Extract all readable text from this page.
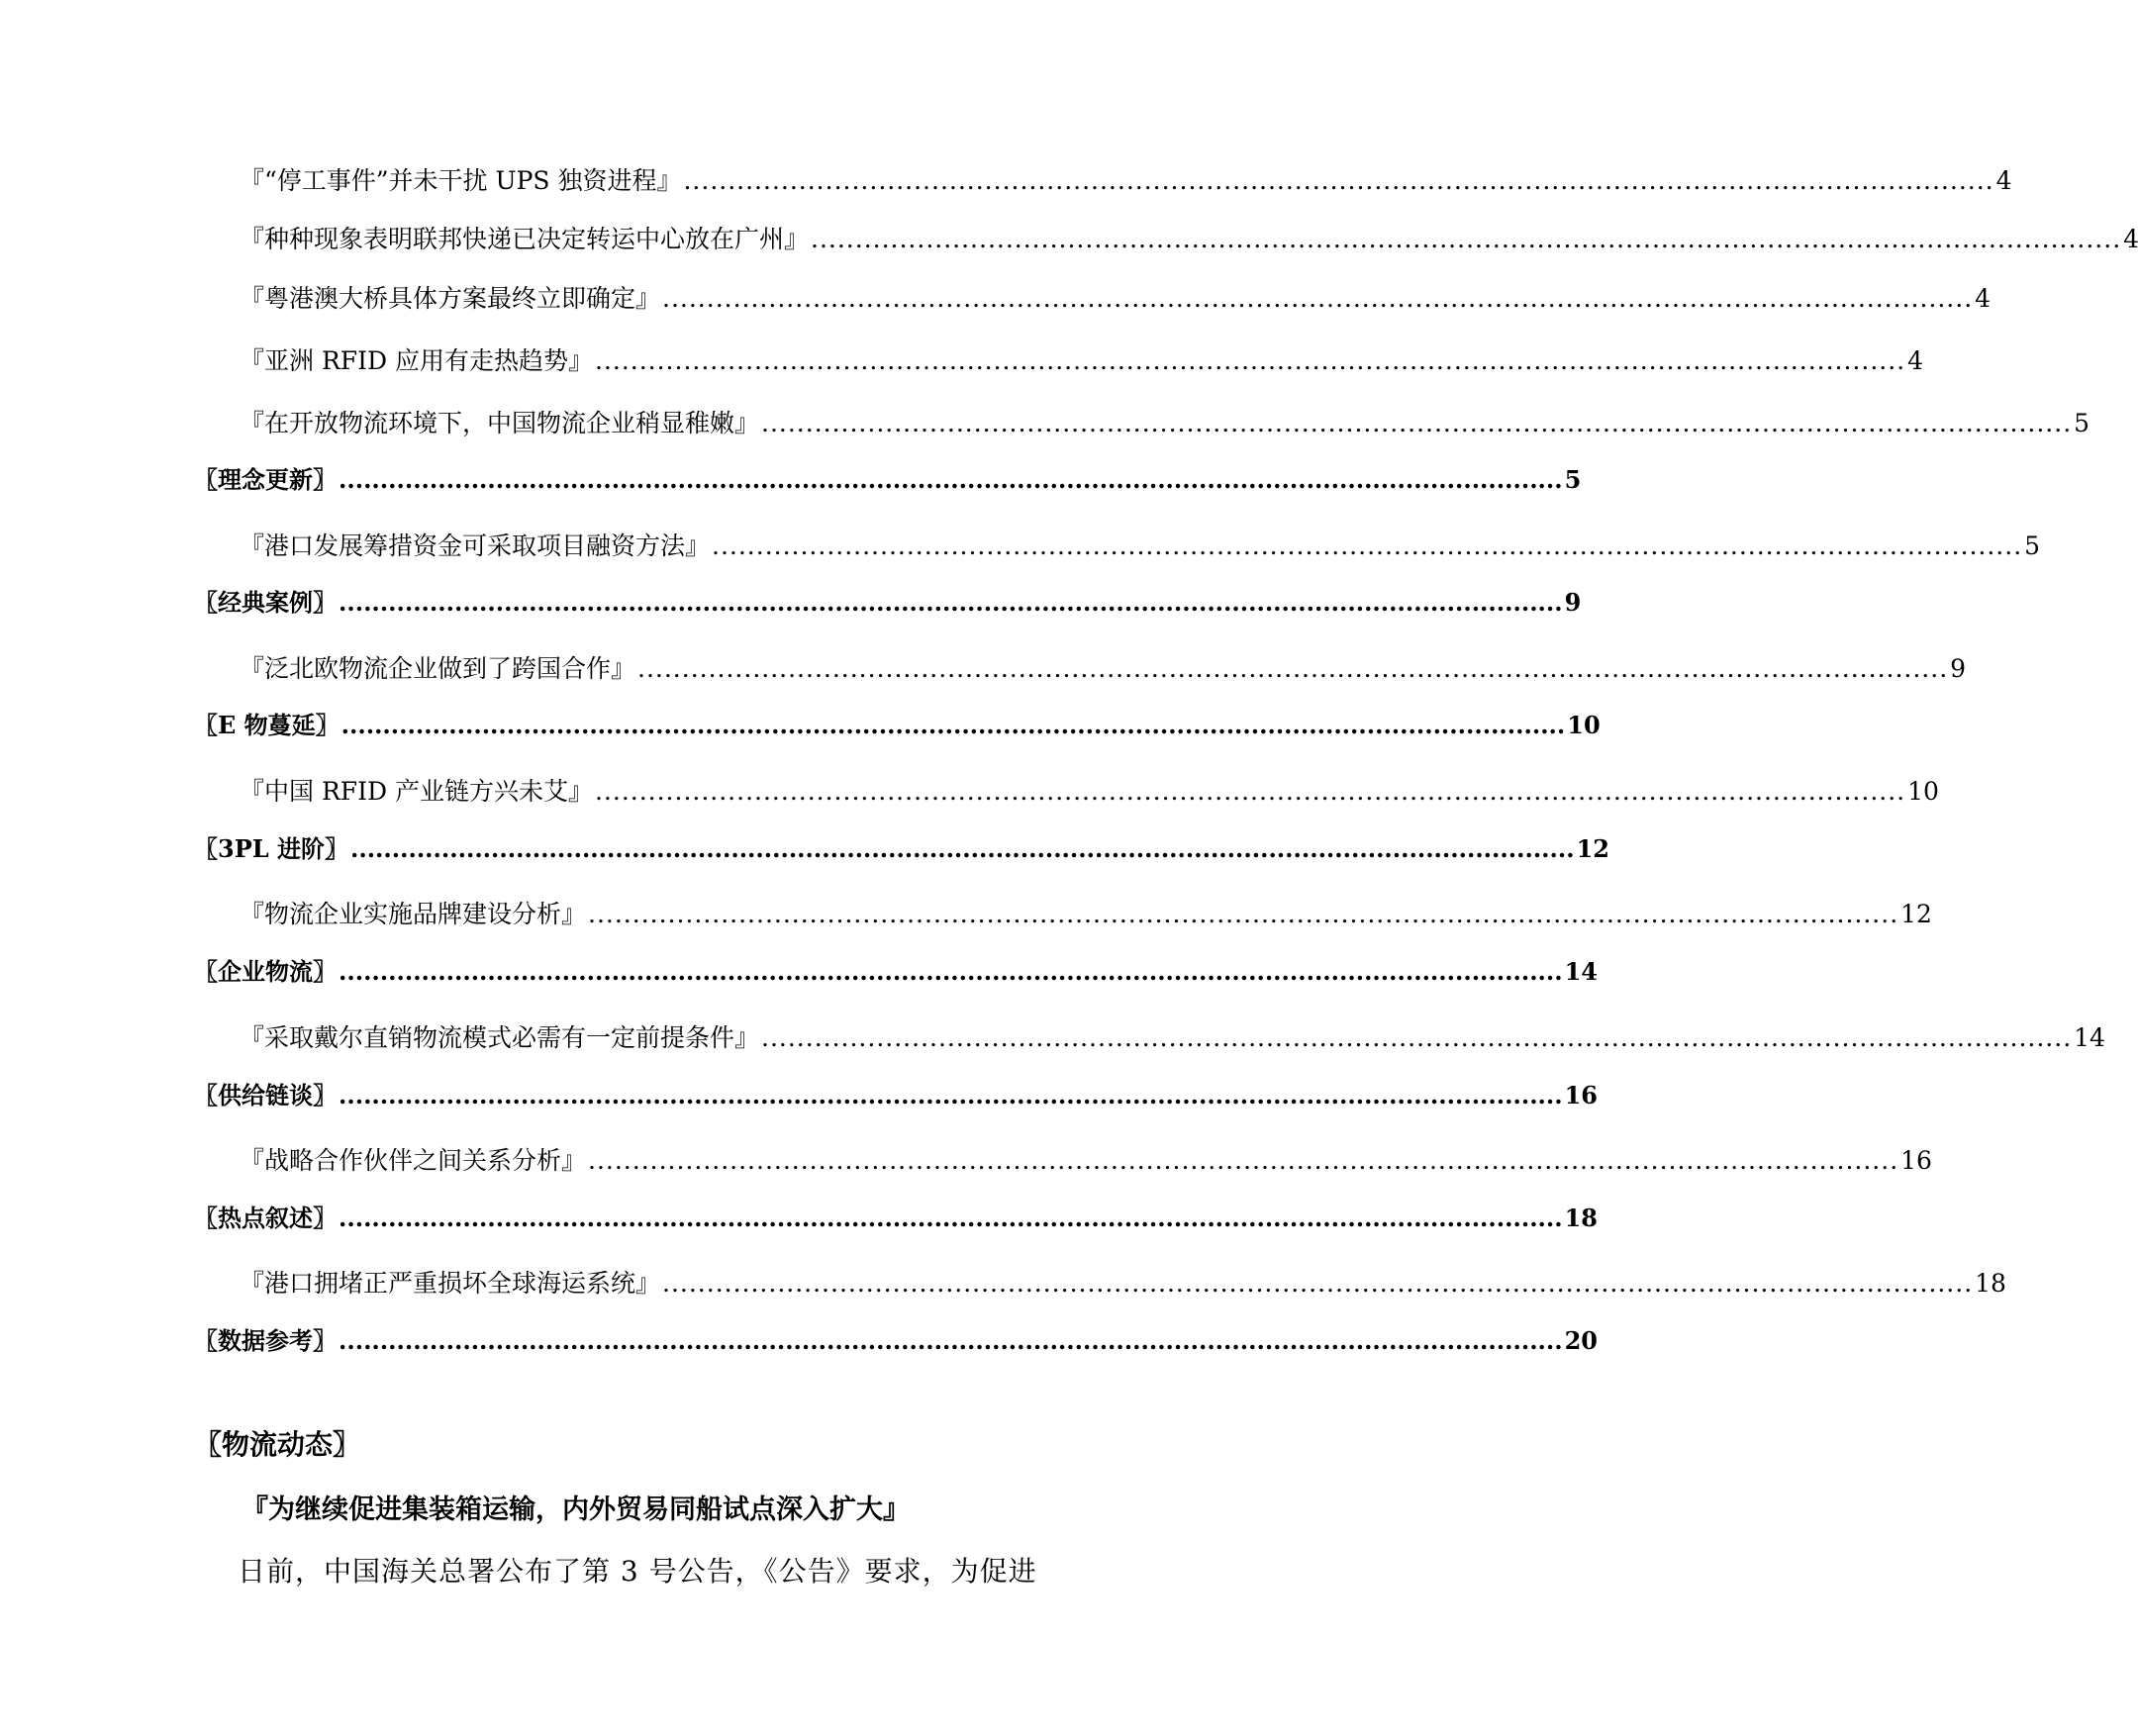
『“停工事件”并未干扰 UPS 独资进程』 .................................................................................................................................................... 4
『种种现象表明联邦快递已决定转运中心放在广州』 .................................................................................................................................................... 4
『粤港澳大桥具体方案最终立即确定』 .................................................................................................................................................... 4
『亚洲 RFID 应用有走热趋势』 .................................................................................................................................................... 4
『在开放物流环境下，中国物流企业稍显稚嫩』 .................................................................................................................................................... 5
〖理念更新〗 .................................................................................................................................................... 5
『港口发展筹措资金可采取项目融资方法』 .................................................................................................................................................... 5
〖经典案例〗 .................................................................................................................................................... 9
『泛北欧物流企业做到了跨国合作』 .................................................................................................................................................... 9
〖E 物蔓延〗 .................................................................................................................................................... 10
『中国 RFID 产业链方兴未艾』 .................................................................................................................................................... 10
〖3PL 进阶〗 .................................................................................................................................................... 12
『物流企业实施品牌建设分析』 .................................................................................................................................................... 12
〖企业物流〗 .................................................................................................................................................... 14
『采取戴尔直销物流模式必需有一定前提条件』 .................................................................................................................................................... 14
〖供给链谈〗 .................................................................................................................................................... 16
『战略合作伙伴之间关系分析』 .................................................................................................................................................... 16
〖热点叙述〗 .................................................................................................................................................... 18
『港口拥堵正严重损坏全球海运系统』 .................................................................................................................................................... 18
〖数据参考〗 .................................................................................................................................................... 20
〖物流动态〗
『为继续促进集装箱运输，内外贸易同船试点深入扩大』
日前，中国海关总署公布了第 3 号公告，《公告》要求，为促进
